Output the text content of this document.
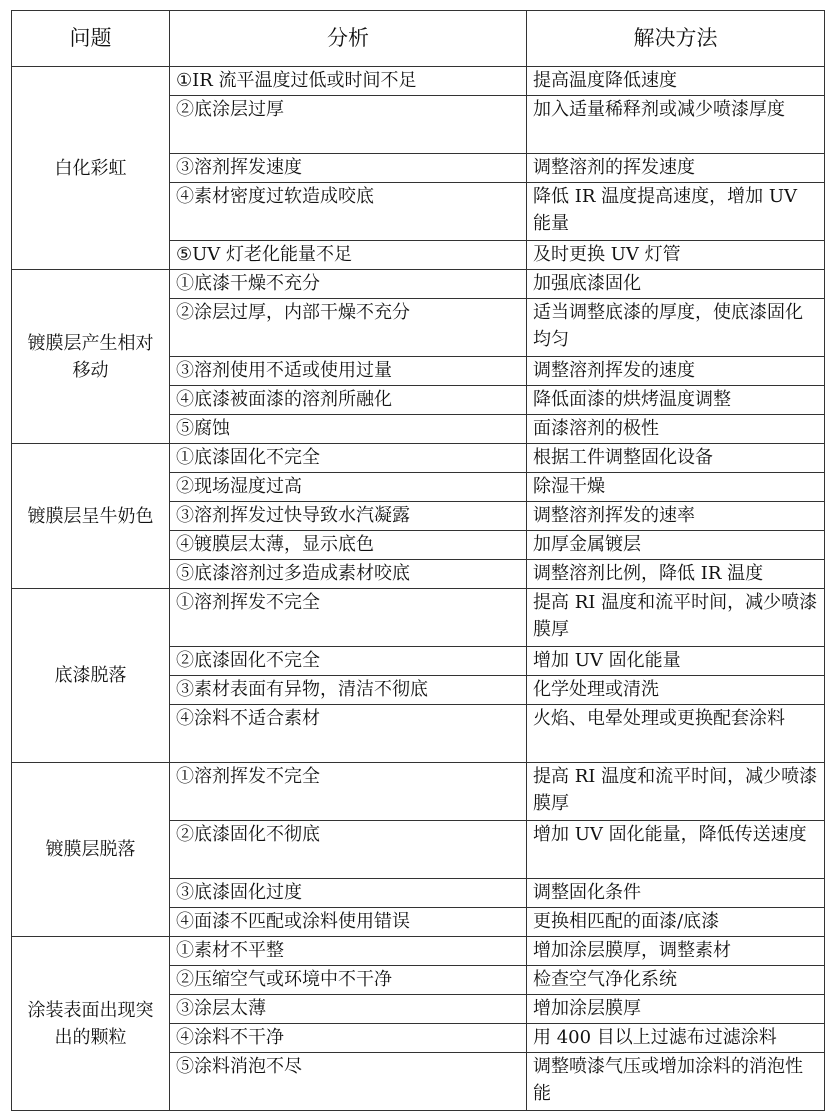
问题	分析	解决方法
白化彩虹	①IR 流平温度过低或时间不足	提高温度降低速度
	②底涂层过厚	加入适量稀释剂或减少喷漆厚度
	③溶剂挥发速度	调整溶剂的挥发速度
	④素材密度过软造成咬底	降低 IR 温度提高速度，增加 UV 能量
	⑤UV 灯老化能量不足	及时更换 UV 灯管
镀膜层产生相对移动	①底漆干燥不充分	加强底漆固化
	②涂层过厚，内部干燥不充分	适当调整底漆的厚度，使底漆固化均匀
	③溶剂使用不适或使用过量	调整溶剂挥发的速度
	④底漆被面漆的溶剂所融化	降低面漆的烘烤温度调整
	⑤腐蚀	面漆溶剂的极性
镀膜层呈牛奶色	①底漆固化不完全	根据工件调整固化设备
	②现场湿度过高	除湿干燥
	③溶剂挥发过快导致水汽凝露	调整溶剂挥发的速率
	④镀膜层太薄，显示底色	加厚金属镀层
	⑤底漆溶剂过多造成素材咬底	调整溶剂比例，降低 IR 温度
底漆脱落	①溶剂挥发不完全	提高 RI 温度和流平时间，减少喷漆膜厚
	②底漆固化不完全	增加 UV 固化能量
	③素材表面有异物，清洁不彻底	化学处理或清洗
	④涂料不适合素材	火焰、电晕处理或更换配套涂料
镀膜层脱落	①溶剂挥发不完全	提高 RI 温度和流平时间，减少喷漆膜厚
	②底漆固化不彻底	增加 UV 固化能量，降低传送速度
	③底漆固化过度	调整固化条件
	④面漆不匹配或涂料使用错误	更换相匹配的面漆/底漆
涂装表面出现突出的颗粒	①素材不平整	增加涂层膜厚，调整素材
	②压缩空气或环境中不干净	检查空气净化系统
	③涂层太薄	增加涂层膜厚
	④涂料不干净	用 400 目以上过滤布过滤涂料
	⑤涂料消泡不尽	调整喷漆气压或增加涂料的消泡性能
